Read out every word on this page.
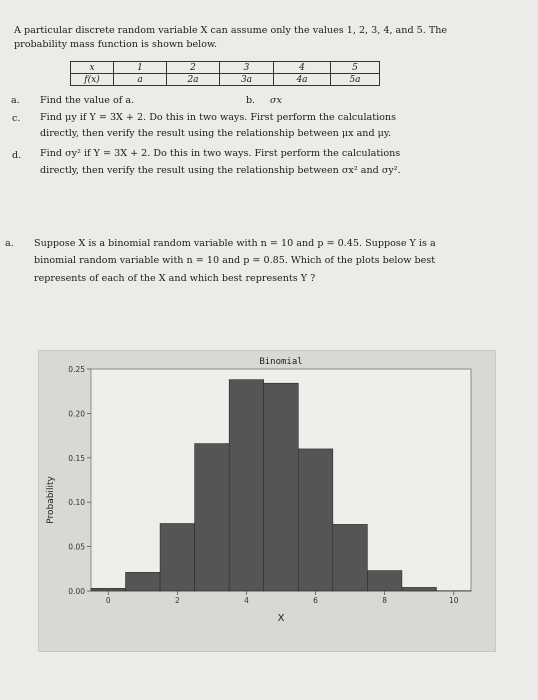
A particular discrete random variable X can assume only the values 1, 2, 3, 4, and 5. The
probability mass function is shown below.
x	1	2	3	4	5
f(x)	a	2a	3a	4a	5a
a. Find the value of a.	b. σx
c. Find μy if Y = 3X + 2. Do this in two ways. First perform the calculations
directly, then verify the result using the relationship between μx and μy.
d. Find σy² if Y = 3X + 2. Do this in two ways. First perform the calculations
directly, then verify the result using the relationship between σx² and σy².
a. Suppose X is a binomial random variable with n = 10 and p = 0.45. Suppose Y is a
binomial random variable with n = 10 and p = 0.85. Which of the plots below best
represents of each of the X and which best represents Y ?
0.00
0.05
0.10
0.15
0.20
0.25
0	2	4	6	8	10
Binomial
X
Probability
